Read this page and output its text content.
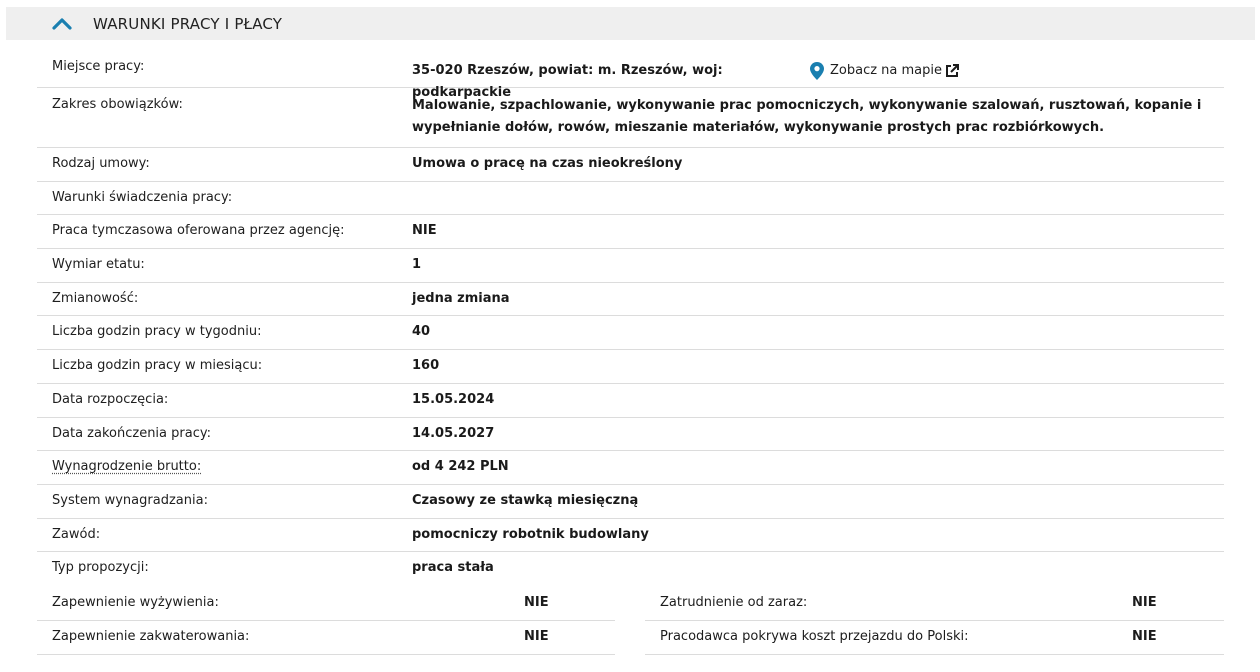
WARUNKI PRACY I PŁACY
Miejsce pracy:	35-020 Rzeszów, powiat: m. Rzeszów, woj: podkarpackie
Zobacz na mapie
Zakres obowiązków:	Malowanie, szpachlowanie, wykonywanie prac pomocniczych, wykonywanie szalowań, rusztowań, kopanie i wypełnianie dołów, rowów, mieszanie materiałów, wykonywanie prostych prac rozbiórkowych.
Rodzaj umowy:	Umowa o pracę na czas nieokreślony
Warunki świadczenia pracy:
Praca tymczasowa oferowana przez agencję:	NIE
Wymiar etatu:	1
Zmianowość:	jedna zmiana
Liczba godzin pracy w tygodniu:	40
Liczba godzin pracy w miesiącu:	160
Data rozpoczęcia:	15.05.2024
Data zakończenia pracy:	14.05.2027
Wynagrodzenie brutto:	od 4 242 PLN
System wynagradzania:	Czasowy ze stawką miesięczną
Zawód:	pomocniczy robotnik budowlany
Typ propozycji:	praca stała
Zapewnienie wyżywienia:	NIE	Zatrudnienie od zaraz:	NIE
Zapewnienie zakwaterowania:	NIE	Pracodawca pokrywa koszt przejazdu do Polski:	NIE
